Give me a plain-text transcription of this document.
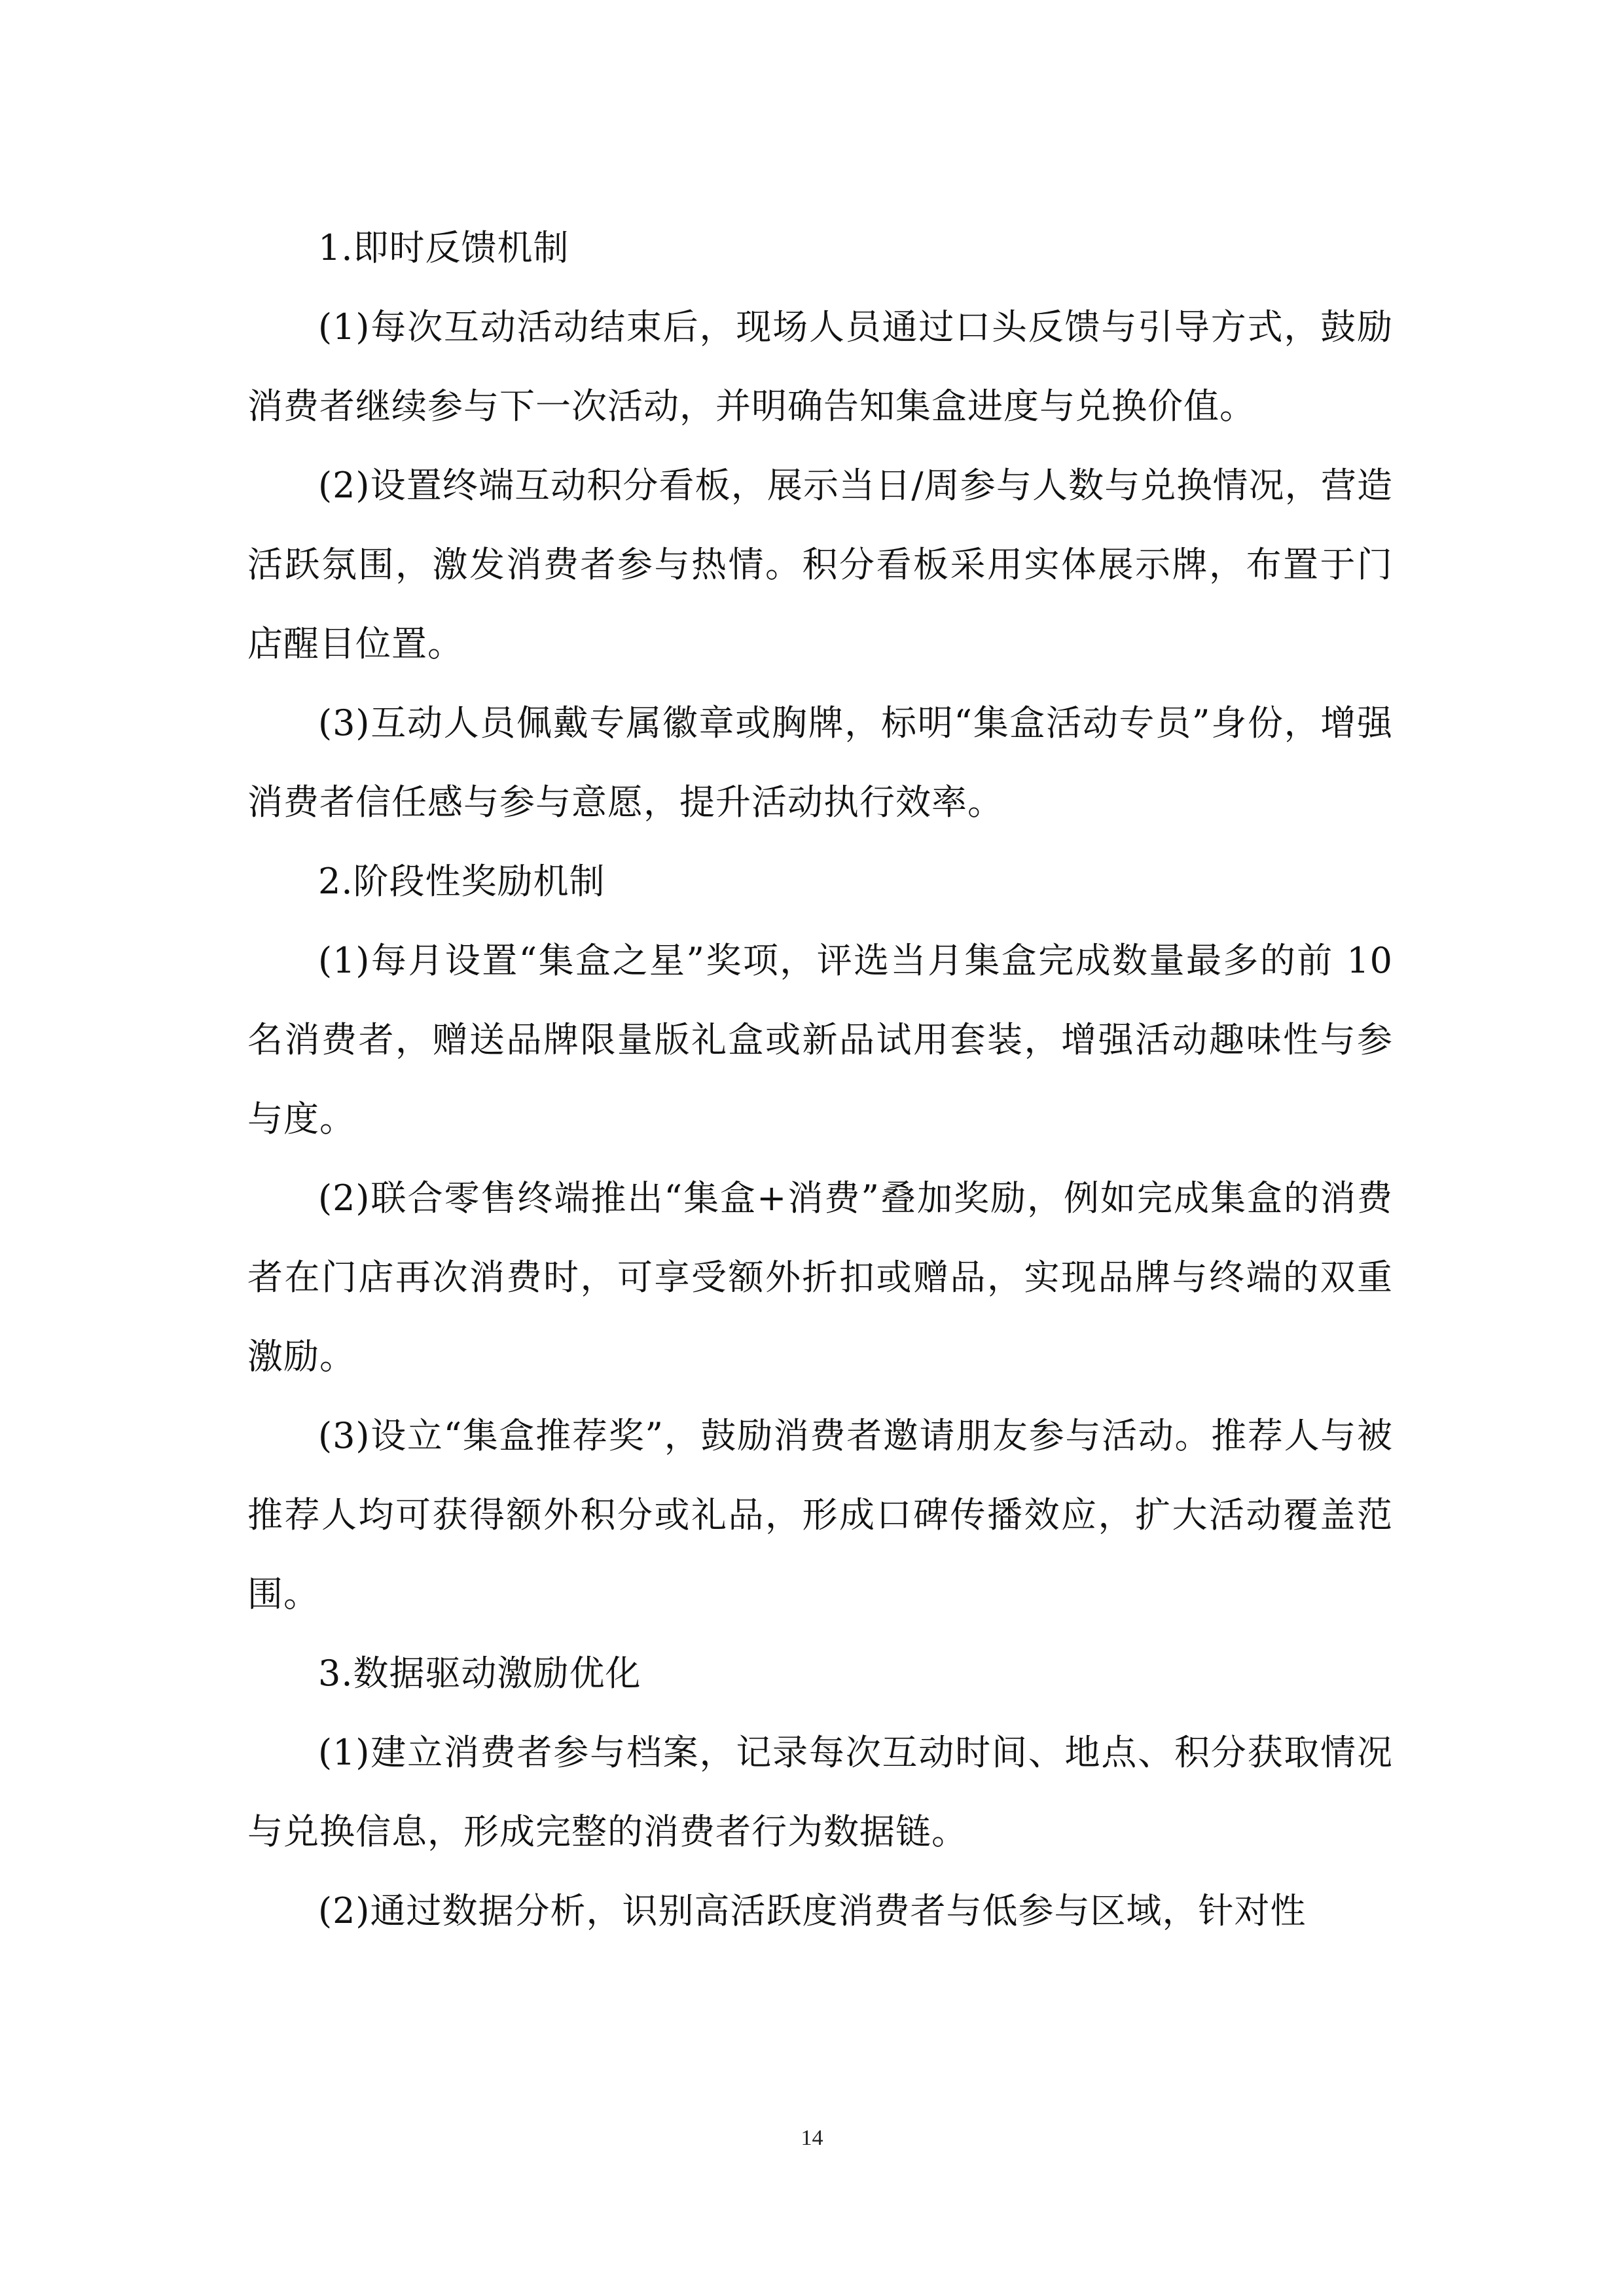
1.即时反馈机制

(1)每次互动活动结束后，现场人员通过口头反馈与引导方式，鼓励消费者继续参与下一次活动，并明确告知集盒进度与兑换价值。

(2)设置终端互动积分看板，展示当日/周参与人数与兑换情况，营造活跃氛围，激发消费者参与热情。积分看板采用实体展示牌，布置于门店醒目位置。

(3)互动人员佩戴专属徽章或胸牌，标明“集盒活动专员”身份，增强消费者信任感与参与意愿，提升活动执行效率。

2.阶段性奖励机制

(1)每月设置“集盒之星”奖项，评选当月集盒完成数量最多的前 10 名消费者，赠送品牌限量版礼盒或新品试用套装，增强活动趣味性与参与度。

(2)联合零售终端推出“集盒+消费”叠加奖励，例如完成集盒的消费者在门店再次消费时，可享受额外折扣或赠品，实现品牌与终端的双重激励。

(3)设立“集盒推荐奖”，鼓励消费者邀请朋友参与活动。推荐人与被推荐人均可获得额外积分或礼品，形成口碑传播效应，扩大活动覆盖范围。

3.数据驱动激励优化

(1)建立消费者参与档案，记录每次互动时间、地点、积分获取情况与兑换信息，形成完整的消费者行为数据链。

(2)通过数据分析，识别高活跃度消费者与低参与区域，针对性

14
